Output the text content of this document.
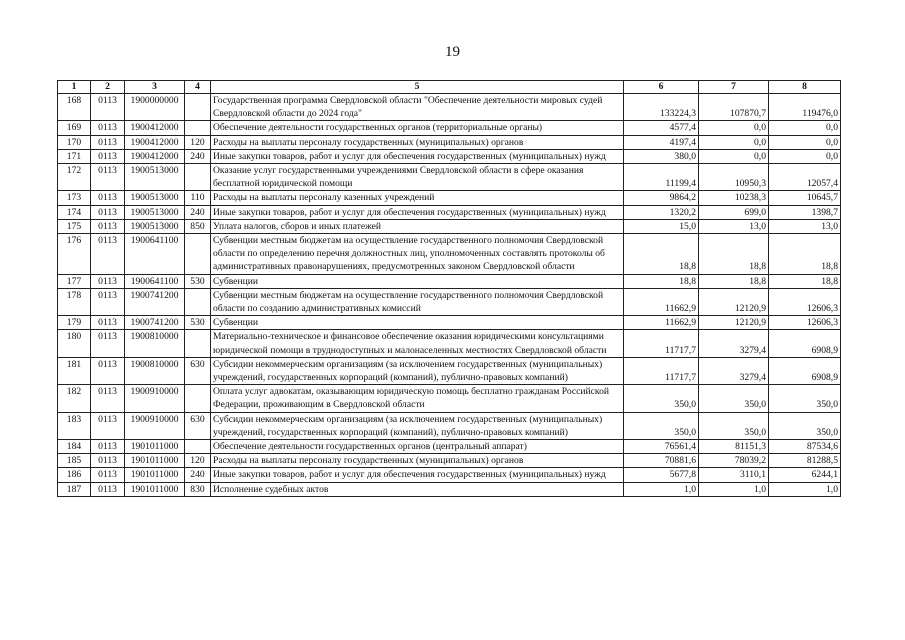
19
1	2	3	4	5	6	7	8
168	0113	1900000000		Государственная программа Свердловской области "Обеспечение деятельности мировых судей Свердловской области до 2024 года"	133224,3	107870,7	119476,0
169	0113	1900412000		Обеспечение деятельности государственных органов (территориальные органы)	4577,4	0,0	0,0
170	0113	1900412000	120	Расходы на выплаты персоналу государственных (муниципальных) органов	4197,4	0,0	0,0
171	0113	1900412000	240	Иные закупки товаров, работ и услуг для обеспечения государственных (муниципальных) нужд	380,0	0,0	0,0
172	0113	1900513000		Оказание услуг государственными учреждениями Свердловской области в сфере оказания бесплатной юридической помощи	11199,4	10950,3	12057,4
173	0113	1900513000	110	Расходы на выплаты персоналу казенных учреждений	9864,2	10238,3	10645,7
174	0113	1900513000	240	Иные закупки товаров, работ и услуг для обеспечения государственных (муниципальных) нужд	1320,2	699,0	1398,7
175	0113	1900513000	850	Уплата налогов, сборов и иных платежей	15,0	13,0	13,0
176	0113	1900641100		Субвенции местным бюджетам на осуществление государственного полномочия Свердловской области по определению перечня должностных лиц, уполномоченных составлять протоколы об административных правонарушениях, предусмотренных законом Свердловской области	18,8	18,8	18,8
177	0113	1900641100	530	Субвенции	18,8	18,8	18,8
178	0113	1900741200		Субвенции местным бюджетам на осуществление государственного полномочия Свердловской области по созданию административных комиссий	11662,9	12120,9	12606,3
179	0113	1900741200	530	Субвенции	11662,9	12120,9	12606,3
180	0113	1900810000		Материально-техническое и финансовое обеспечение оказания юридическими консультациями юридической помощи в труднодоступных и малонаселенных местностях Свердловской области	11717,7	3279,4	6908,9
181	0113	1900810000	630	Субсидии некоммерческим организациям (за исключением государственных (муниципальных) учреждений, государственных корпораций (компаний), публично-правовых компаний)	11717,7	3279,4	6908,9
182	0113	1900910000		Оплата услуг адвокатам, оказывающим юридическую помощь бесплатно гражданам Российской Федерации, проживающим в Свердловской области	350,0	350,0	350,0
183	0113	1900910000	630	Субсидии некоммерческим организациям (за исключением государственных (муниципальных) учреждений, государственных корпораций (компаний), публично-правовых компаний)	350,0	350,0	350,0
184	0113	1901011000		Обеспечение деятельности государственных органов (центральный аппарат)	76561,4	81151,3	87534,6
185	0113	1901011000	120	Расходы на выплаты персоналу государственных (муниципальных) органов	70881,6	78039,2	81288,5
186	0113	1901011000	240	Иные закупки товаров, работ и услуг для обеспечения государственных (муниципальных) нужд	5677,8	3110,1	6244,1
187	0113	1901011000	830	Исполнение судебных актов	1,0	1,0	1,0
